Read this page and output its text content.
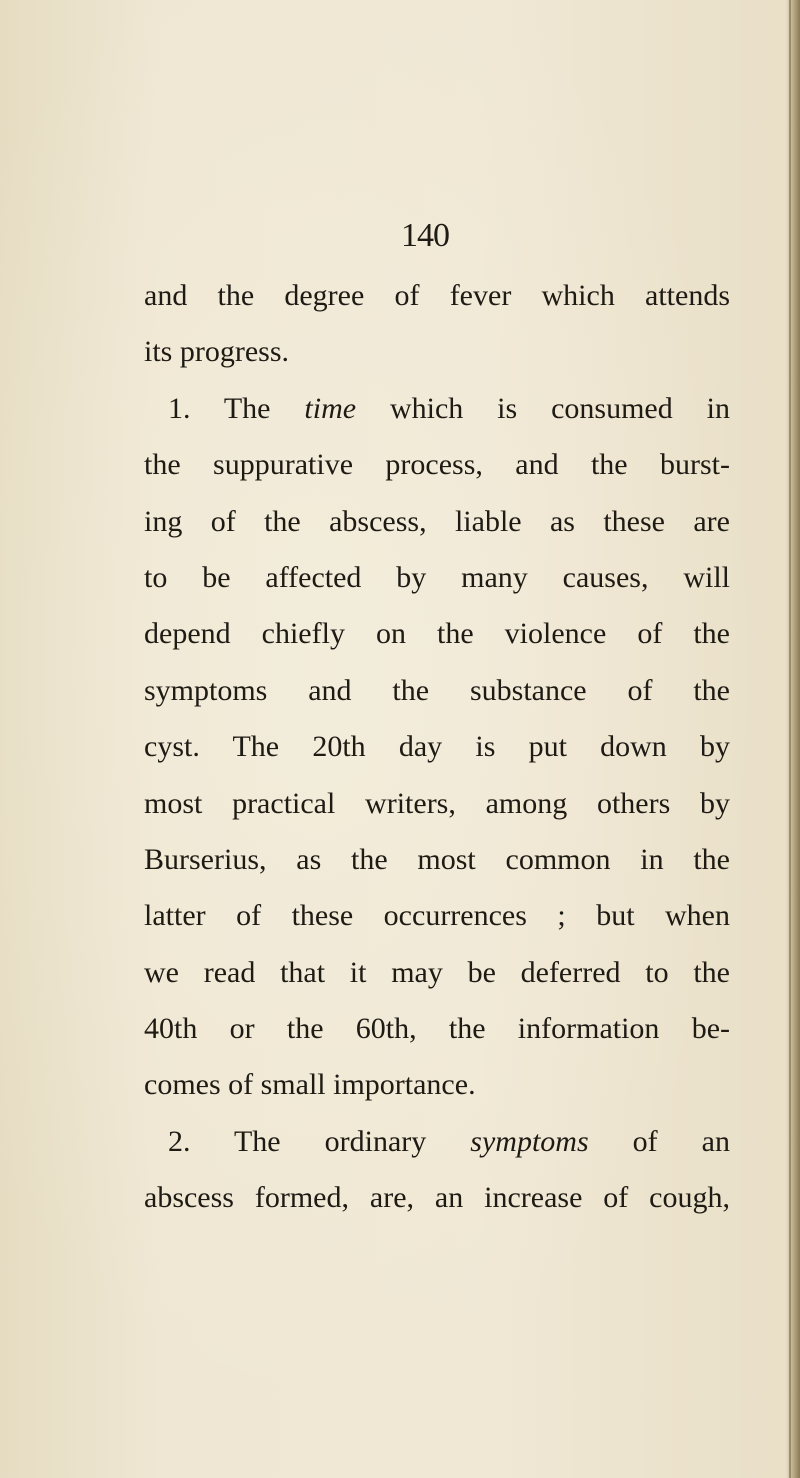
140
and the degree of fever which attends
its progress.
1. The time which is consumed in
the suppurative process, and the burst-
ing of the abscess, liable as these are
to be affected by many causes, will
depend chiefly on the violence of the
symptoms and the substance of the
cyst. The 20th day is put down by
most practical writers, among others by
Burserius, as the most common in the
latter of these occurrences ; but when
we read that it may be deferred to the
40th or the 60th, the information be-
comes of small importance.
2. The ordinary symptoms of an
abscess formed, are, an increase of cough,
